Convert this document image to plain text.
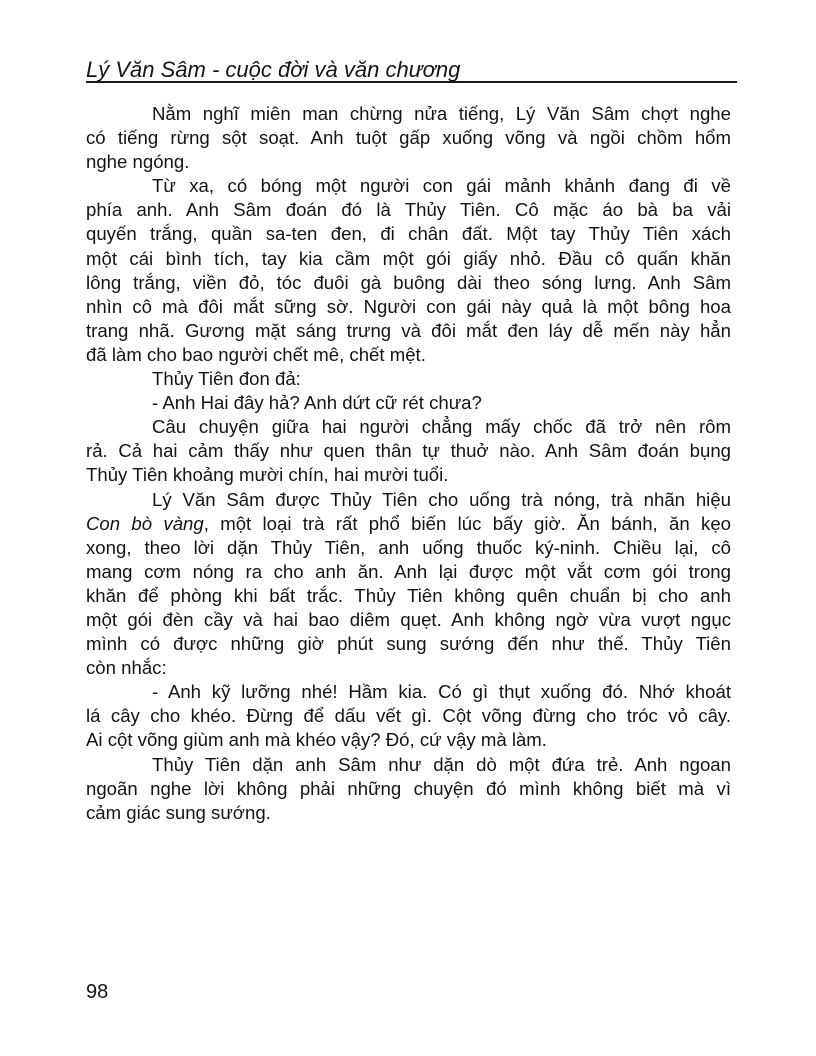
Lý Văn Sâm - cuộc đời và văn chương
Nằm nghĩ miên man chừng nửa tiếng, Lý Văn Sâm chợt nghe
có tiếng rừng sột soạt. Anh tuột gấp xuống võng và ngồi chồm hổm
nghe ngóng.
Từ xa, có bóng một người con gái mảnh khảnh đang đi về
phía anh. Anh Sâm đoán đó là Thủy Tiên. Cô mặc áo bà ba vải
quyến trắng, quần sa-ten đen, đi chân đất. Một tay Thủy Tiên xách
một cái bình tích, tay kia cầm một gói giấy nhỏ. Đầu cô quấn khăn
lông trắng, viền đỏ, tóc đuôi gà buông dài theo sóng lưng. Anh Sâm
nhìn cô mà đôi mắt sững sờ. Người con gái này quả là một bông hoa
trang nhã. Gương mặt sáng trưng và đôi mắt đen láy dễ mến này hẳn
đã làm cho bao người chết mê, chết mệt.
Thủy Tiên đon đả:
- Anh Hai đây hả? Anh dứt cữ rét chưa?
Câu chuyện giữa hai người chẳng mấy chốc đã trở nên rôm
rả. Cả hai cảm thấy như quen thân tự thuở nào. Anh Sâm đoán bụng
Thủy Tiên khoảng mười chín, hai mười tuổi.
Lý Văn Sâm được Thủy Tiên cho uống trà nóng, trà nhãn hiệu
Con bò vàng, một loại trà rất phổ biến lúc bấy giờ. Ăn bánh, ăn kẹo
xong, theo lời dặn Thủy Tiên, anh uống thuốc ký-ninh. Chiều lại, cô
mang cơm nóng ra cho anh ăn. Anh lại được một vắt cơm gói trong
khăn để phòng khi bất trắc. Thủy Tiên không quên chuẩn bị cho anh
một gói đèn cầy và hai bao diêm quẹt. Anh không ngờ vừa vượt ngục
mình có được những giờ phút sung sướng đến như thế. Thủy Tiên
còn nhắc:
- Anh kỹ lưỡng nhé! Hầm kia. Có gì thụt xuống đó. Nhớ khoát
lá cây cho khéo. Đừng để dấu vết gì. Cột võng đừng cho tróc vỏ cây.
Ai cột võng giùm anh mà khéo vậy? Đó, cứ vậy mà làm.
Thủy Tiên dặn anh Sâm như dặn dò một đứa trẻ. Anh ngoan
ngoãn nghe lời không phải những chuyện đó mình không biết mà vì
cảm giác sung sướng.
98
